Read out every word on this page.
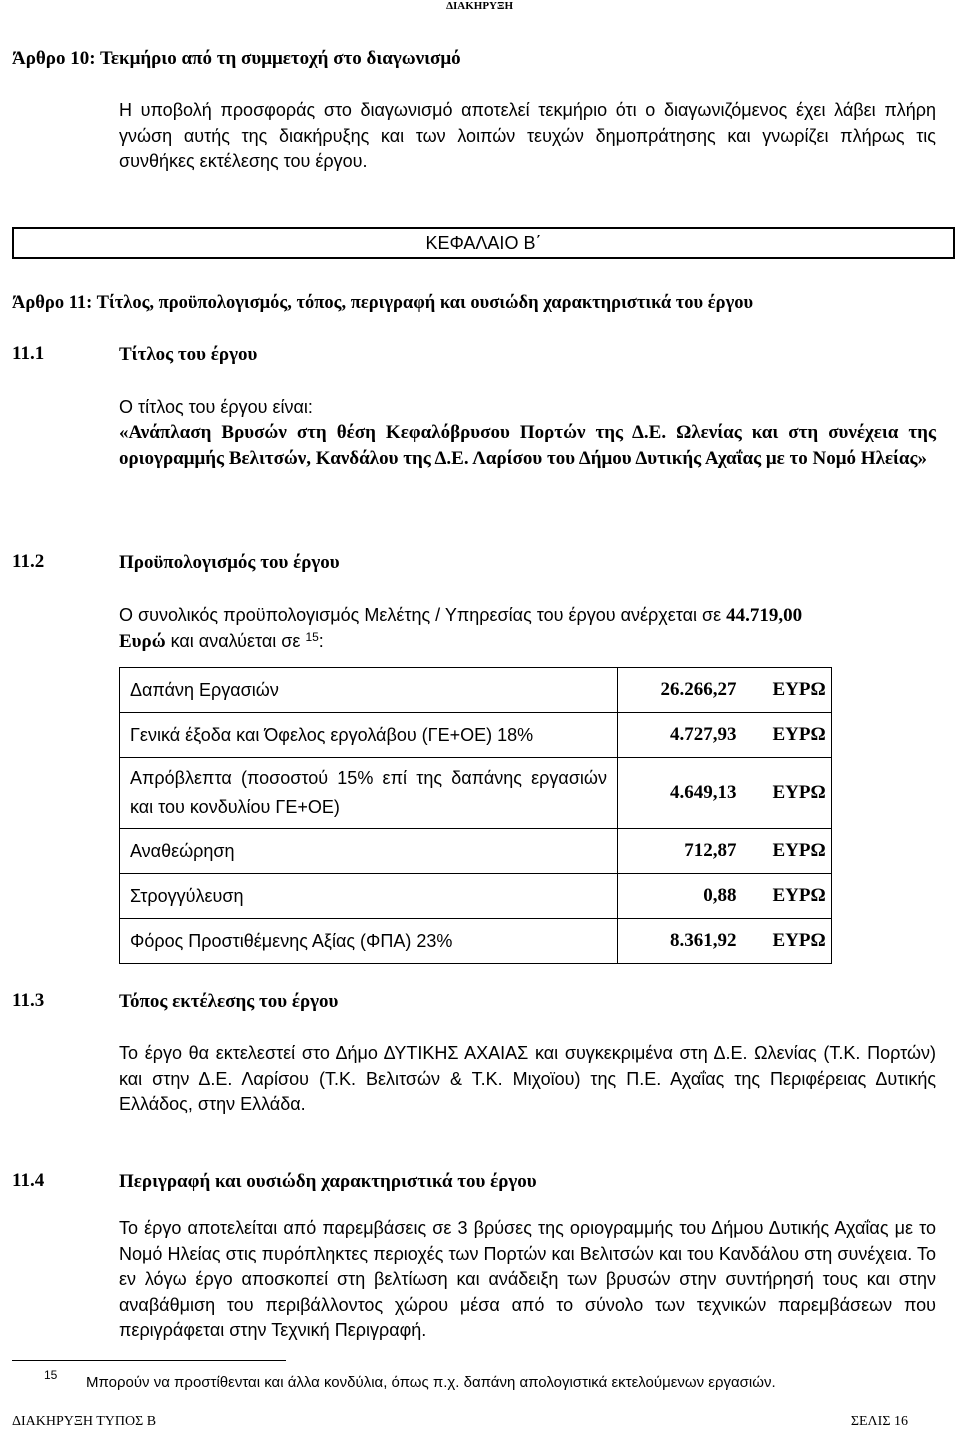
ΔΙΑΚΗΡΥΞΗ
Άρθρο 10: Τεκμήριο από τη συμμετοχή στο διαγωνισμό
Η υποβολή προσφοράς στο διαγωνισμό αποτελεί τεκμήριο ότι ο διαγωνιζόμενος έχει λάβει πλήρη γνώση αυτής της διακήρυξης και των λοιπών τευχών δημοπράτησης και γνωρίζει πλήρως τις συνθήκες εκτέλεσης του έργου.
ΚΕΦΑΛΑΙΟ Β΄
Άρθρο 11: Τίτλος, προϋπολογισμός, τόπος, περιγραφή και ουσιώδη χαρακτηριστικά του έργου
11.1	Τίτλος του έργου
Ο τίτλος του έργου είναι:
«Ανάπλαση Βρυσών στη θέση Κεφαλόβρυσου Πορτών της Δ.Ε. Ωλενίας και στη συνέχεια της οριογραμμής Βελιτσών, Κανδάλου της Δ.Ε. Λαρίσου του Δήμου Δυτικής Αχαΐας με το Νομό Ηλείας»
11.2	Προϋπολογισμός του έργου
Ο συνολικός προϋπολογισμός Μελέτης / Υπηρεσίας του έργου ανέρχεται σε 44.719,00
Ευρώ και αναλύεται σε $^{15}$:
Δαπάνη Εργασιών	26.266,27	ΕΥΡΩ
Γενικά έξοδα και Όφελος εργολάβου (ΓΕ+ΟΕ) 18%	4.727,93	ΕΥΡΩ
Απρόβλεπτα (ποσοστού 15% επί της δαπάνης εργασιών και του κονδυλίου ΓΕ+ΟΕ)	4.649,13	ΕΥΡΩ
Αναθεώρηση	712,87	ΕΥΡΩ
Στρογγύλευση	0,88	ΕΥΡΩ
Φόρος Προστιθέμενης Αξίας (ΦΠΑ) 23%	8.361,92	ΕΥΡΩ
11.3	Τόπος εκτέλεσης του έργου
Το έργο θα εκτελεστεί στο Δήμο ΔΥΤΙΚΗΣ ΑΧΑΙΑΣ και συγκεκριμένα στη Δ.Ε. Ωλενίας (Τ.Κ. Πορτών) και στην Δ.Ε. Λαρίσου (Τ.Κ. Βελιτσών & Τ.Κ. Μιχοϊου) της Π.Ε. Αχαΐας της Περιφέρειας Δυτικής Ελλάδος, στην Ελλάδα.
11.4	Περιγραφή και ουσιώδη χαρακτηριστικά του έργου
Το έργο αποτελείται από παρεμβάσεις σε 3 βρύσες της οριογραμμής του Δήμου Δυτικής Αχαΐας με το Νομό Ηλείας στις πυρόπληκτες περιοχές των Πορτών και Βελιτσών και του Κανδάλου στη συνέχεια. Το εν λόγω έργο αποσκοπεί στη βελτίωση και ανάδειξη των βρυσών στην συντήρησή τους και στην αναβάθμιση του περιβάλλοντος χώρου μέσα από το σύνολο των τεχνικών παρεμβάσεων που περιγράφεται στην Τεχνική Περιγραφή.
15 Μπορούν να προστίθενται και άλλα κονδύλια, όπως π.χ. δαπάνη απολογιστικά εκτελούμενων εργασιών.
ΔΙΑΚΗΡΥΞΗ ΤΥΠΟΣ Β	ΣΕΛΙΣ 16
